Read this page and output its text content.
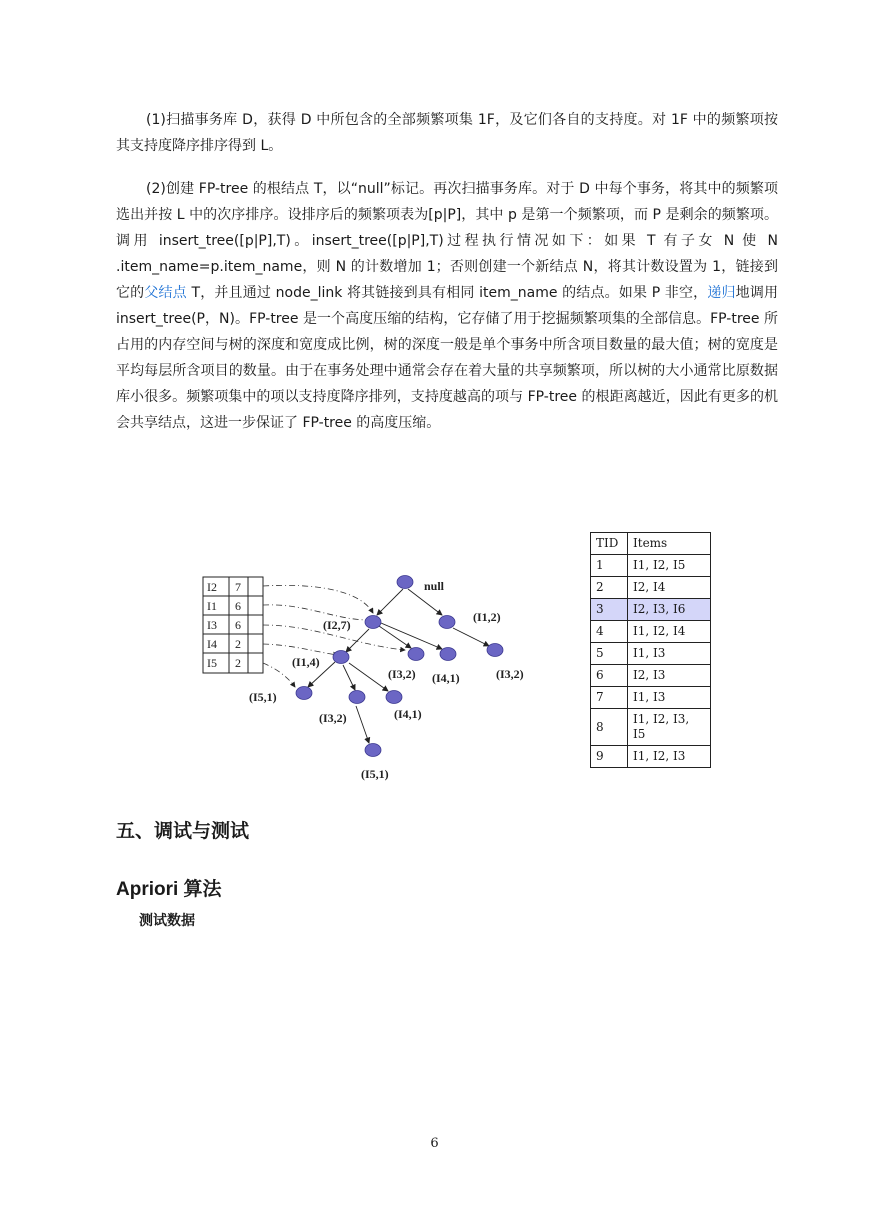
(1)扫描事务库 D，获得 D 中所包含的全部频繁项集 1F，及它们各自的支持度。对 1F 中的频繁项按其支持度降序排序得到 L。

(2)创建 FP-tree 的根结点 T，以“null”标记。再次扫描事务库。对于 D 中每个事务，将其中的频繁项选出并按 L 中的次序排序。设排序后的频繁项表为[p|P]，其中 p 是第一个频繁项，而 P 是剩余的频繁项。调用 insert_tree([p|P],T)。insert_tree([p|P],T)过程执行情况如下：如果 T 有子女 N 使 N .item_name=p.item_name，则 N 的计数增加 1；否则创建一个新结点 N，将其计数设置为 1，链接到它的父结点 T，并且通过 node_link 将其链接到具有相同 item_name 的结点。如果 P 非空，递归地调用 insert_tree(P，N)。FP-tree 是一个高度压缩的结构，它存储了用于挖掘频繁项集的全部信息。FP-tree 所占用的内存空间与树的深度和宽度成比例，树的深度一般是单个事务中所含项目数量的最大值；树的宽度是平均每层所含项目的数量。由于在事务处理中通常会存在着大量的共享频繁项，所以树的大小通常比原数据库小很多。频繁项集中的项以支持度降序排列，支持度越高的项与 FP-tree 的根距离越近，因此有更多的机会共享结点，这进一步保证了 FP-tree 的高度压缩。

I2 7
I1 6
I3 6
I4 2
I5 2
null
(I2,7)
(I1,2)
(I1,4)
(I3,2) (I4,1)	(I3,2)
(I5,1)
(I3,2)	(I4,1)
(I5,1)
TID	Items
1	I1, I2, I5
2	I2, I4
3	I2, I3, I6
4	I1, I2, I4
5	I1, I3
6	I2, I3
7	I1, I3
8	I1, I2, I3, I5
9	I1, I2, I3
五、调试与测试
Apriori 算法
测试数据
6
